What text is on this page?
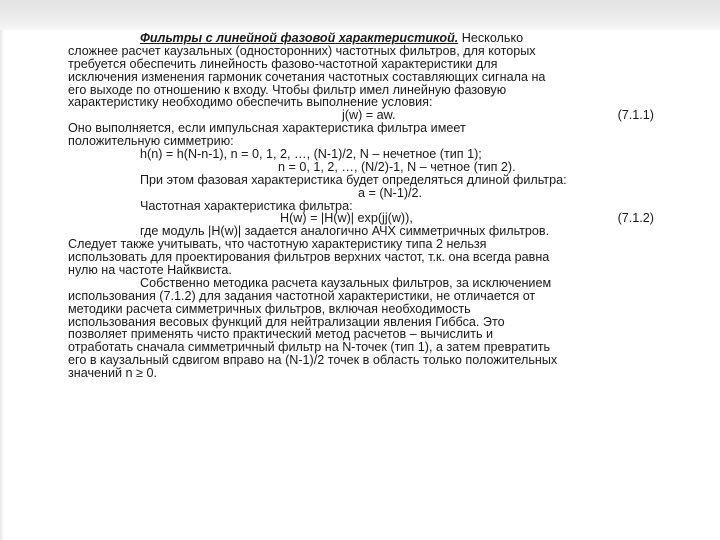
Фильтры с линейной фазовой характеристикой. Несколько
сложнее расчет каузальных (односторонних) частотных фильтров, для которых
требуется обеспечить линейность фазово-частотной характеристики для
исключения изменения гармоник сочетания частотных составляющих сигнала на
его выходе по отношению к входу. Чтобы фильтр имел линейную фазовую
характеристику необходимо обеспечить выполнение условия:
j(w) = aw.	(7.1.1)
Оно выполняется, если импульсная характеристика фильтра имеет
положительную симметрию:
h(n) = h(N-n-1), n = 0, 1, 2, …, (N-1)/2, N – нечетное (тип 1);
n = 0, 1, 2, …, (N/2)-1, N – четное (тип 2).
При этом фазовая характеристика будет определяться длиной фильтра:
a = (N-1)/2.
Частотная характеристика фильтра:
H(w) = |H(w)| exp(jj(w)),	(7.1.2)
где модуль |H(w)| задается аналогично АЧХ симметричных фильтров.
Следует также учитывать, что частотную характеристику типа 2 нельзя
использовать для проектирования фильтров верхних частот, т.к. она всегда равна
нулю на частоте Найквиста.
Собственно методика расчета каузальных фильтров, за исключением
использования (7.1.2) для задания частотной характеристики, не отличается от
методики расчета симметричных фильтров, включая необходимость
использования весовых функций для нейтрализации явления Гиббса. Это
позволяет применять чисто практический метод расчетов – вычислить и
отработать сначала симметричный фильтр на N-точек (тип 1), а затем превратить
его в каузальный сдвигом вправо на (N-1)/2 точек в область только положительных
значений n ≥ 0.
